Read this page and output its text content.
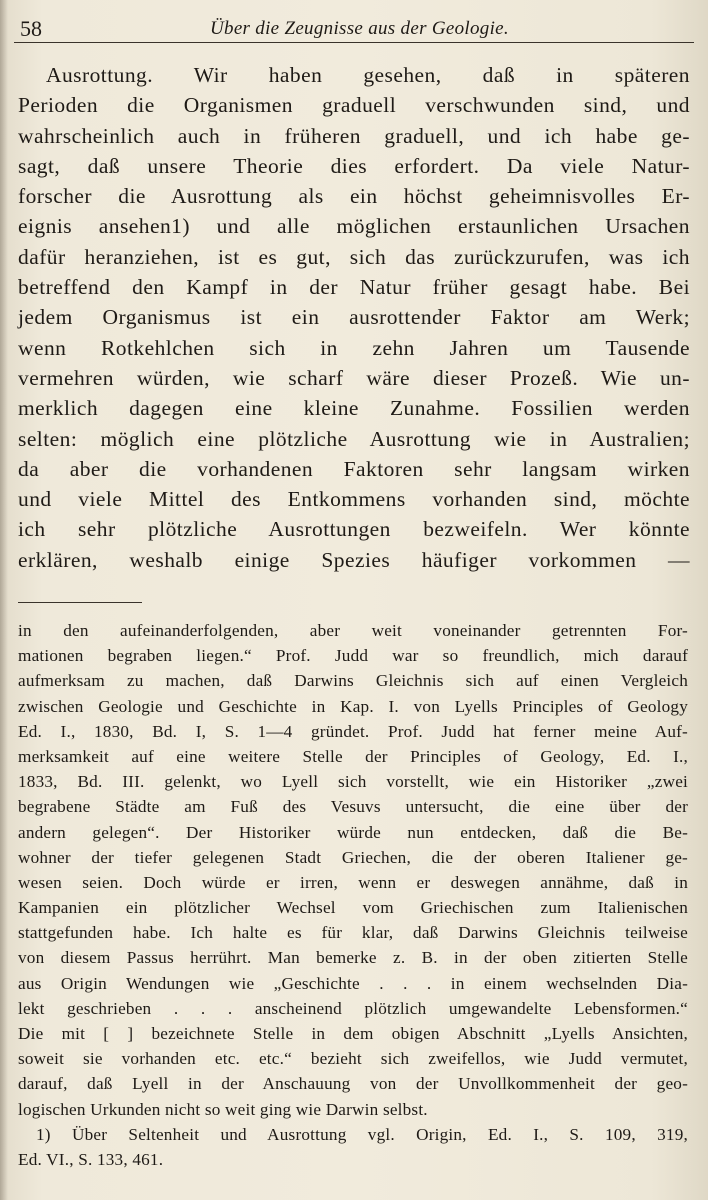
58	Über die Zeugnisse aus der Geologie.
Ausrottung. Wir haben gesehen, daß in späteren
Perioden die Organismen graduell verschwunden sind, und
wahrscheinlich auch in früheren graduell, und ich habe ge-
sagt, daß unsere Theorie dies erfordert. Da viele Natur-
forscher die Ausrottung als ein höchst geheimnisvolles Er-
eignis ansehen1) und alle möglichen erstaunlichen Ursachen
dafür heranziehen, ist es gut, sich das zurückzurufen, was ich
betreffend den Kampf in der Natur früher gesagt habe. Bei
jedem Organismus ist ein ausrottender Faktor am Werk;
wenn Rotkehlchen sich in zehn Jahren um Tausende
vermehren würden, wie scharf wäre dieser Prozeß. Wie un-
merklich dagegen eine kleine Zunahme. Fossilien werden
selten: möglich eine plötzliche Ausrottung wie in Australien;
da aber die vorhandenen Faktoren sehr langsam wirken
und viele Mittel des Entkommens vorhanden sind, möchte
ich sehr plötzliche Ausrottungen bezweifeln. Wer könnte
erklären, weshalb einige Spezies häufiger vorkommen —
in den aufeinanderfolgenden, aber weit voneinander getrennten For-
mationen begraben liegen.“ Prof. Judd war so freundlich, mich darauf
aufmerksam zu machen, daß Darwins Gleichnis sich auf einen Vergleich
zwischen Geologie und Geschichte in Kap. I. von Lyells Principles of Geology
Ed. I., 1830, Bd. I, S. 1—4 gründet. Prof. Judd hat ferner meine Auf-
merksamkeit auf eine weitere Stelle der Principles of Geology, Ed. I.,
1833, Bd. III. gelenkt, wo Lyell sich vorstellt, wie ein Historiker „zwei
begrabene Städte am Fuß des Vesuvs untersucht, die eine über der
andern gelegen“. Der Historiker würde nun entdecken, daß die Be-
wohner der tiefer gelegenen Stadt Griechen, die der oberen Italiener ge-
wesen seien. Doch würde er irren, wenn er deswegen annähme, daß in
Kampanien ein plötzlicher Wechsel vom Griechischen zum Italienischen
stattgefunden habe. Ich halte es für klar, daß Darwins Gleichnis teilweise
von diesem Passus herrührt. Man bemerke z. B. in der oben zitierten Stelle
aus Origin Wendungen wie „Geschichte . . . in einem wechselnden Dia-
lekt geschrieben . . . anscheinend plötzlich umgewandelte Lebensformen.“
Die mit [ ] bezeichnete Stelle in dem obigen Abschnitt „Lyells Ansichten,
soweit sie vorhanden etc. etc.“ bezieht sich zweifellos, wie Judd vermutet,
darauf, daß Lyell in der Anschauung von der Unvollkommenheit der geo-
logischen Urkunden nicht so weit ging wie Darwin selbst.
1) Über Seltenheit und Ausrottung vgl. Origin, Ed. I., S. 109, 319,
Ed. VI., S. 133, 461.
